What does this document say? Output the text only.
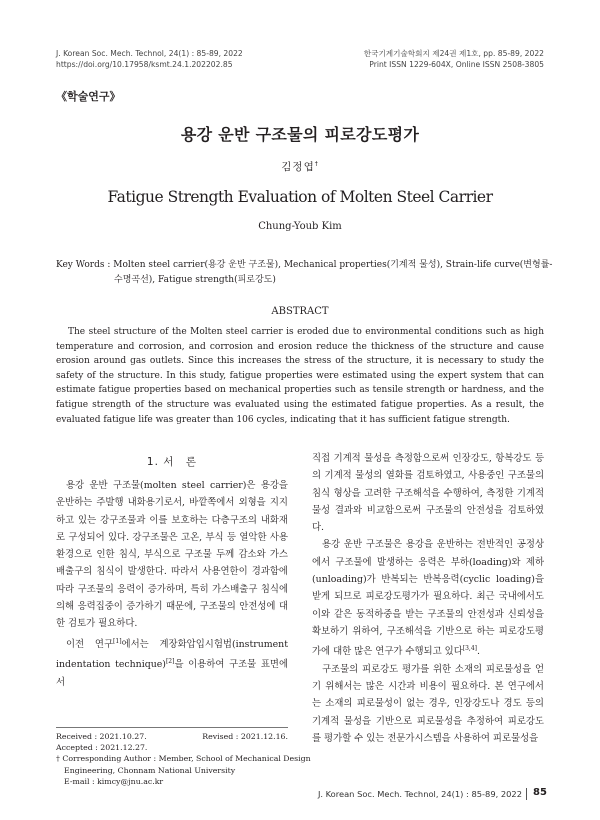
J. Korean Soc. Mech. Technol, 24(1) : 85-89, 2022
https://doi.org/10.17958/ksmt.24.1.202202.85
한국기계기술학회지 제24권 제1호, pp. 85-89, 2022
Print ISSN 1229-604X, Online ISSN 2508-3805
《학술연구》
용강 운반 구조물의 피로강도평가
김정엽†
Fatigue Strength Evaluation of Molten Steel Carrier
Chung-Youb Kim
Key Words : Molten steel carrier(용강 운반 구조물), Mechanical properties(기계적 물성), Strain-life curve(변형률-
수명곡선), Fatigue strength(피로강도)
ABSTRACT
The steel structure of the Molten steel carrier is eroded due to environmental conditions such as high temperature and corrosion, and corrosion and erosion reduce the thickness of the structure and cause erosion around gas outlets. Since this increases the stress of the structure, it is necessary to study the safety of the structure. In this study, fatigue properties were estimated using the expert system that can estimate fatigue properties based on mechanical properties such as tensile strength or hardness, and the fatigue strength of the structure was evaluated using the estimated fatigue properties. As a result, the evaluated fatigue life was greater than 106 cycles, indicating that it has sufficient fatigue strength.
1. 서　론

용강 운반 구조물(molten steel carrier)은 용강을 운반하는 주발행 내화용기로서, 바깥쪽에서 외형을 지지하고 있는 강구조물과 이를 보호하는 다층구조의 내화재로 구성되어 있다. 강구조물은 고온, 부식 등 열악한 사용환경으로 인한 침식, 부식으로 구조물 두께 감소와 가스배출구의 침식이 발생한다. 따라서 사용연한이 경과함에 따라 구조물의 응력이 증가하며, 특히 가스배출구 침식에 의해 응력집중이 증가하기 때문에, 구조물의 안전성에 대한 검토가 필요하다.

이전 연구[1]에서는 계장화압입시험법(instrument indentation technique)[2]을 이용하여 구조물 표면에서

Received : 2021.10.27.	Revised : 2021.12.16.
Accepted : 2021.12.27.
† Corresponding Author : Member, School of Mechanical Design
Engineering, Chonnam National University
E-mail : kimcy@jnu.ac.kr

직접 기계적 물성을 측정함으로써 인장강도, 항복강도 등의 기계적 물성의 열화를 검토하였고, 사용중인 구조물의 침식 형상을 고려한 구조해석을 수행하여, 측정한 기계적 물성 결과와 비교함으로써 구조물의 안전성을 검토하였다.

용강 운반 구조물은 용강을 운반하는 전반적인 공정상에서 구조물에 발생하는 응력은 부하(loading)와 제하(unloading)가 반복되는 반복응력(cyclic loading)을 받게 되므로 피로강도평가가 필요하다. 최근 국내에서도 이와 같은 동적하중을 받는 구조물의 안전성과 신뢰성을 확보하기 위하여, 구조해석을 기반으로 하는 피로강도평가에 대한 많은 연구가 수행되고 있다[3,4].

구조물의 피로강도 평가를 위한 소재의 피로물성을 얻기 위해서는 많은 시간과 비용이 필요하다. 본 연구에서는 소재의 피로물성이 없는 경우, 인장강도나 경도 등의 기계적 물성을 기반으로 피로물성을 추정하여 피로강도를 평가할 수 있는 전문가시스템을 사용하여 피로물성을

J. Korean Soc. Mech. Technol, 24(1) : 85-89, 2022 85
